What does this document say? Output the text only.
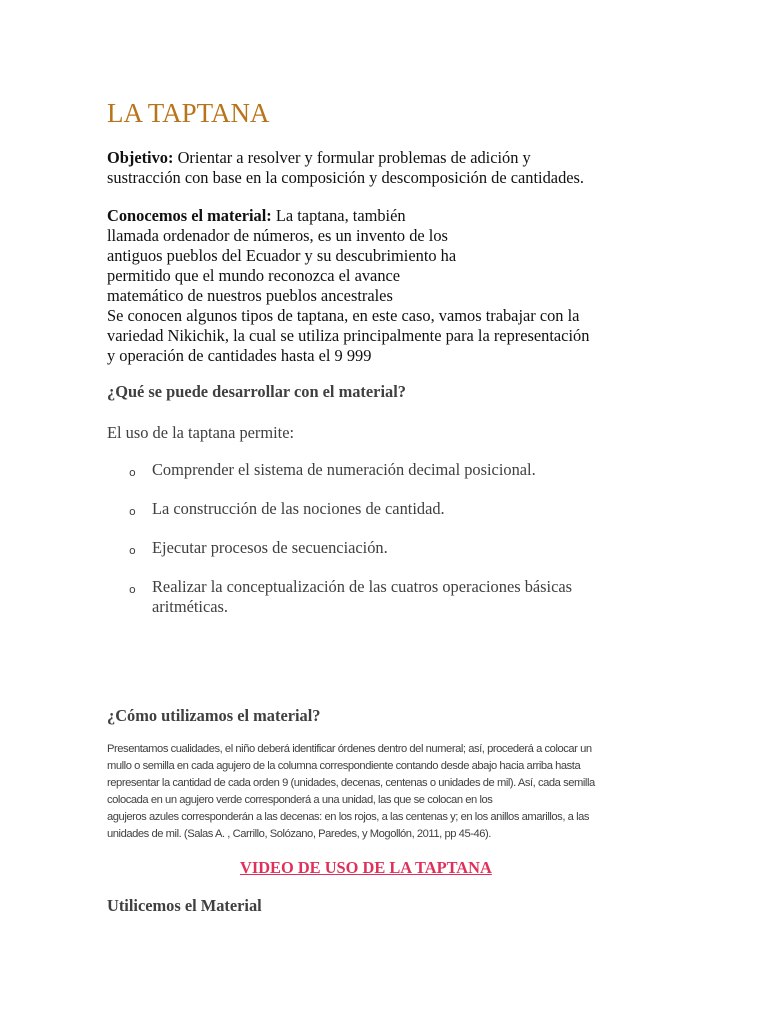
LA TAPTANA
Objetivo: Orientar a resolver y formular problemas de adición y
sustracción con base en la composición y descomposición de cantidades.
Conocemos el material: La taptana, también
llamada ordenador de números, es un invento de los
antiguos pueblos del Ecuador y su descubrimiento ha
permitido que el mundo reconozca el avance
matemático de nuestros pueblos ancestrales
Se conocen algunos tipos de taptana, en este caso, vamos trabajar con la
variedad Nikichik, la cual se utiliza principalmente para la representación
y operación de cantidades hasta el 9 999
¿Qué se puede desarrollar con el material?
El uso de la taptana permite:
o Comprender el sistema de numeración decimal posicional.
o La construcción de las nociones de cantidad.
o Ejecutar procesos de secuenciación.
o Realizar la conceptualización de las cuatros operaciones básicas
aritméticas.
¿Cómo utilizamos el material?
Presentamos cualidades, el niño deberá identificar órdenes dentro del numeral; así, procederá a colocar un
mullo o semilla en cada agujero de la columna correspondiente contando desde abajo hacia arriba hasta
representar la cantidad de cada orden 9 (unidades, decenas, centenas o unidades de mil). Así, cada semilla
colocada en un agujero verde corresponderá a una unidad, las que se colocan en los
agujeros azules corresponderán a las decenas: en los rojos, a las centenas y; en los anillos amarillos, a las
unidades de mil. (Salas A. , Carrillo, Solózano, Paredes, y Mogollón, 2011, pp 45-46).
VIDEO DE USO DE LA TAPTANA
Utilicemos el Material
